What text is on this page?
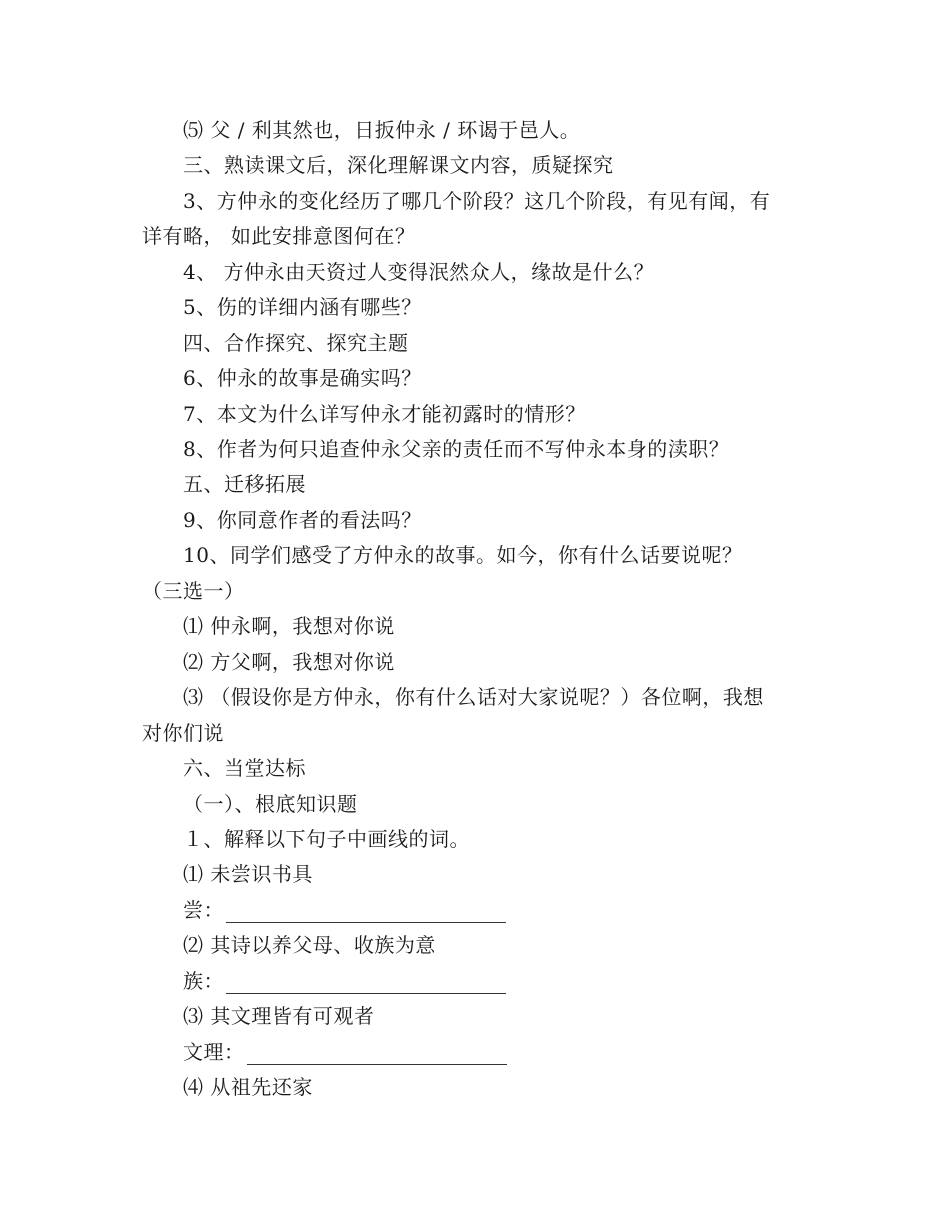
⑸ 父 / 利其然也，日扳仲永 / 环谒于邑人。
三、熟读课文后，深化理解课文内容，质疑探究
3、方仲永的变化经历了哪几个阶段？这几个阶段，有见有闻，有
详有略， 如此安排意图何在？
4、 方仲永由天资过人变得泯然众人，缘故是什么？
5、伤的详细内涵有哪些？
四、合作探究、探究主题
6、仲永的故事是确实吗？
7、本文为什么详写仲永才能初露时的情形？
8、作者为何只追查仲永父亲的责任而不写仲永本身的渎职？
五、迁移拓展
9、你同意作者的看法吗？
10、同学们感受了方仲永的故事。如今，你有什么话要说呢？
（三选一）
⑴ 仲永啊，我想对你说
⑵ 方父啊，我想对你说
⑶ （假设你是方仲永，你有什么话对大家说呢？）各位啊，我想
对你们说
六、当堂达标
（一）、根底知识题
１、解释以下句子中画线的词。
⑴ 未尝识书具
尝：
⑵ 其诗以养父母、收族为意
族：
⑶ 其文理皆有可观者
文理：
⑷ 从祖先还家
